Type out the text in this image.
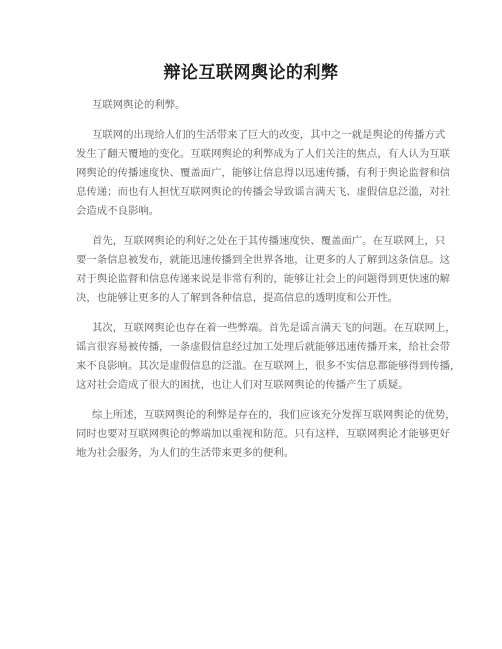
辩论互联网舆论的利弊
互联网舆论的利弊。
互联网的出现给人们的生活带来了巨大的改变，其中之一就是舆论的传播方式
发生了翻天覆地的变化。互联网舆论的利弊成为了人们关注的焦点，有人认为互联
网舆论的传播速度快、覆盖面广，能够让信息得以迅速传播，有利于舆论监督和信
息传递；而也有人担忧互联网舆论的传播会导致谣言满天飞、虚假信息泛滥，对社
会造成不良影响。
首先，互联网舆论的利好之处在于其传播速度快、覆盖面广。在互联网上，只
要一条信息被发布，就能迅速传播到全世界各地，让更多的人了解到这条信息。这
对于舆论监督和信息传递来说是非常有利的，能够让社会上的问题得到更快速的解
决，也能够让更多的人了解到各种信息，提高信息的透明度和公开性。
其次，互联网舆论也存在着一些弊端。首先是谣言满天飞的问题。在互联网上，
谣言很容易被传播，一条虚假信息经过加工处理后就能够迅速传播开来，给社会带
来不良影响。其次是虚假信息的泛滥。在互联网上，很多不实信息都能够得到传播，
这对社会造成了很大的困扰，也让人们对互联网舆论的传播产生了质疑。
综上所述，互联网舆论的利弊是存在的，我们应该充分发挥互联网舆论的优势，
同时也要对互联网舆论的弊端加以重视和防范。只有这样，互联网舆论才能够更好
地为社会服务，为人们的生活带来更多的便利。
